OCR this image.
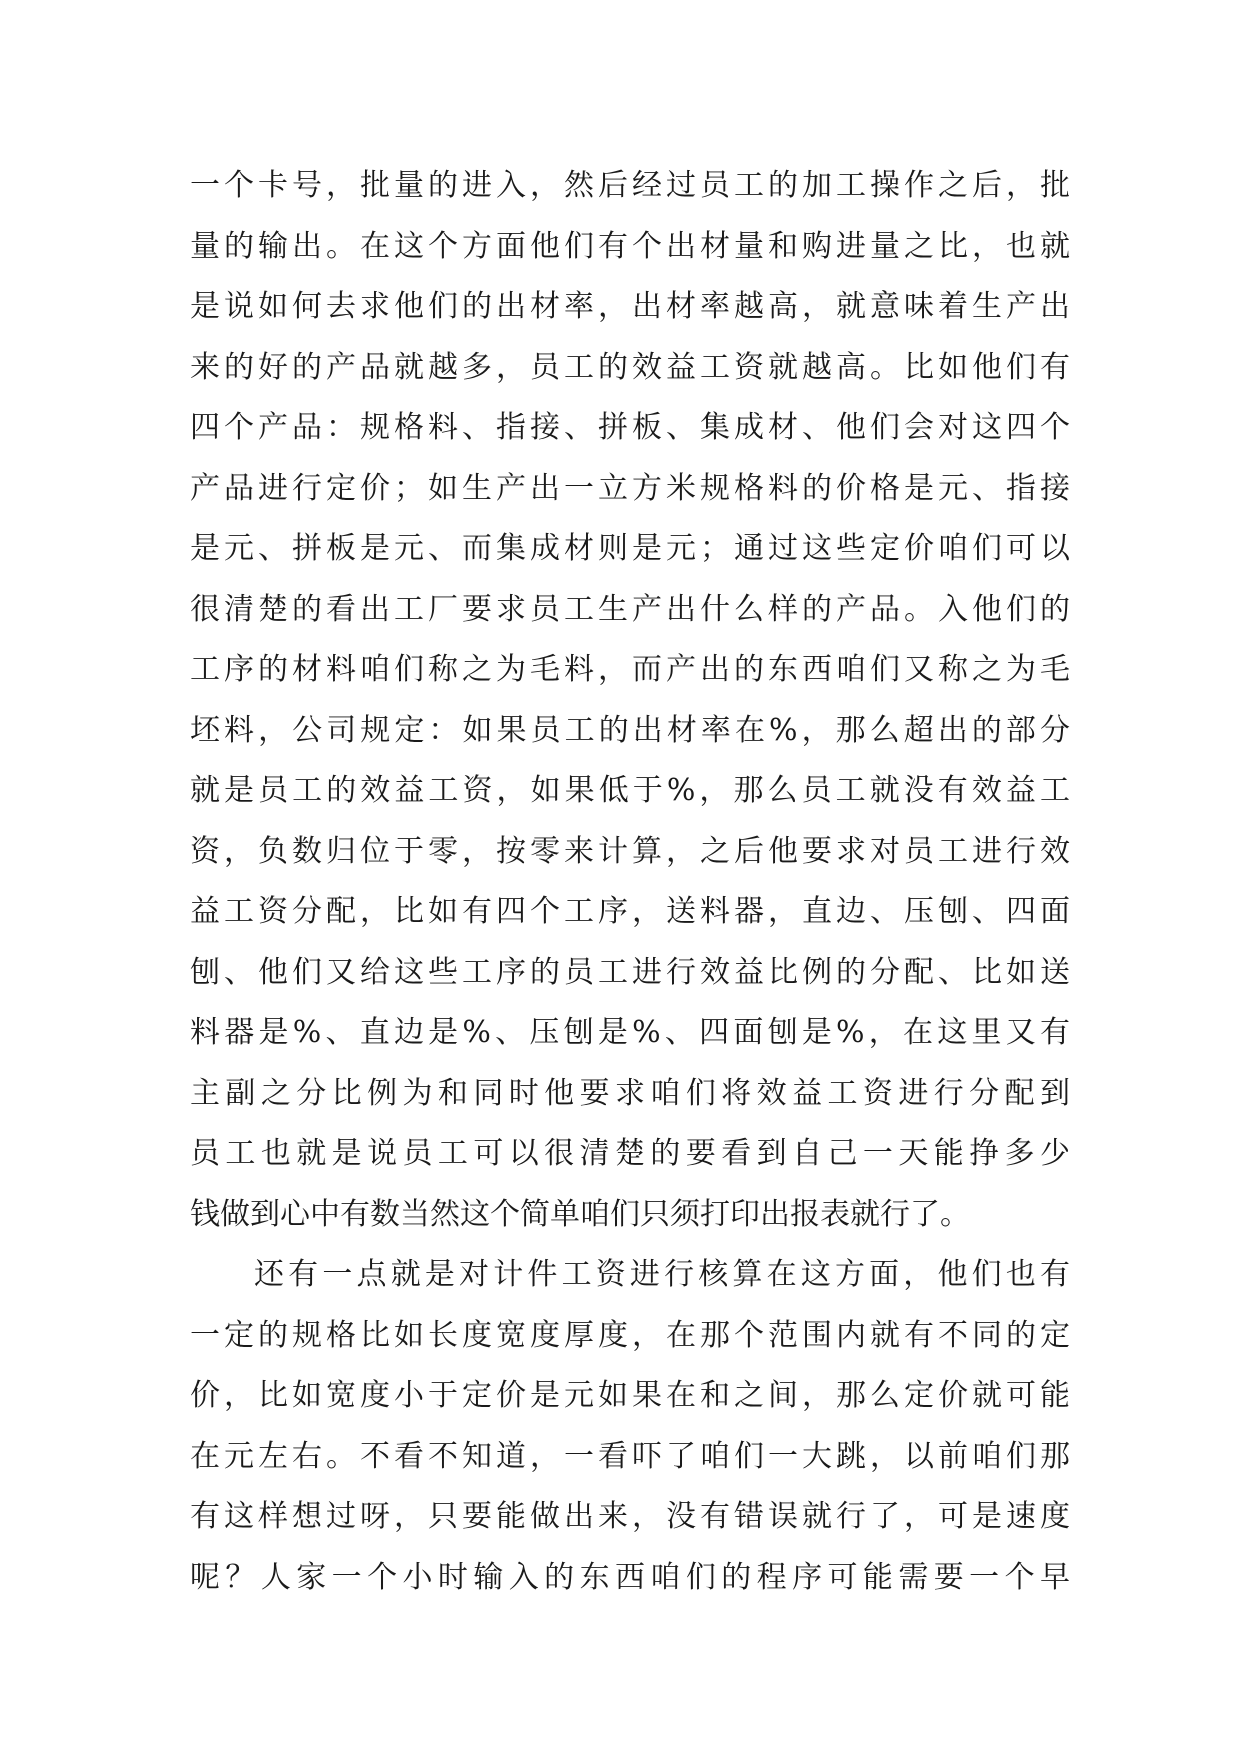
一个卡号，批量的进入，然后经过员工的加工操作之后，批
量的输出。在这个方面他们有个出材量和购进量之比，也就
是说如何去求他们的出材率，出材率越高，就意味着生产出
来的好的产品就越多，员工的效益工资就越高。比如他们有
四个产品：规格料、指接、拼板、集成材、他们会对这四个
产品进行定价；如生产出一立方米规格料的价格是元、指接
是元、拼板是元、而集成材则是元；通过这些定价咱们可以
很清楚的看出工厂要求员工生产出什么样的产品。入他们的
工序的材料咱们称之为毛料，而产出的东西咱们又称之为毛
坯料，公司规定：如果员工的出材率在%，那么超出的部分
就是员工的效益工资，如果低于%，那么员工就没有效益工
资，负数归位于零，按零来计算，之后他要求对员工进行效
益工资分配，比如有四个工序，送料器，直边、压刨、四面
刨、他们又给这些工序的员工进行效益比例的分配、比如送
料器是%、直边是%、压刨是%、四面刨是%，在这里又有
主副之分比例为和同时他要求咱们将效益工资进行分配到
员工也就是说员工可以很清楚的要看到自己一天能挣多少
钱做到心中有数当然这个简单咱们只须打印出报表就行了。
还有一点就是对计件工资进行核算在这方面，他们也有
一定的规格比如长度宽度厚度，在那个范围内就有不同的定
价，比如宽度小于定价是元如果在和之间，那么定价就可能
在元左右。不看不知道，一看吓了咱们一大跳，以前咱们那
有这样想过呀，只要能做出来，没有错误就行了，可是速度
呢？人家一个小时输入的东西咱们的程序可能需要一个早
